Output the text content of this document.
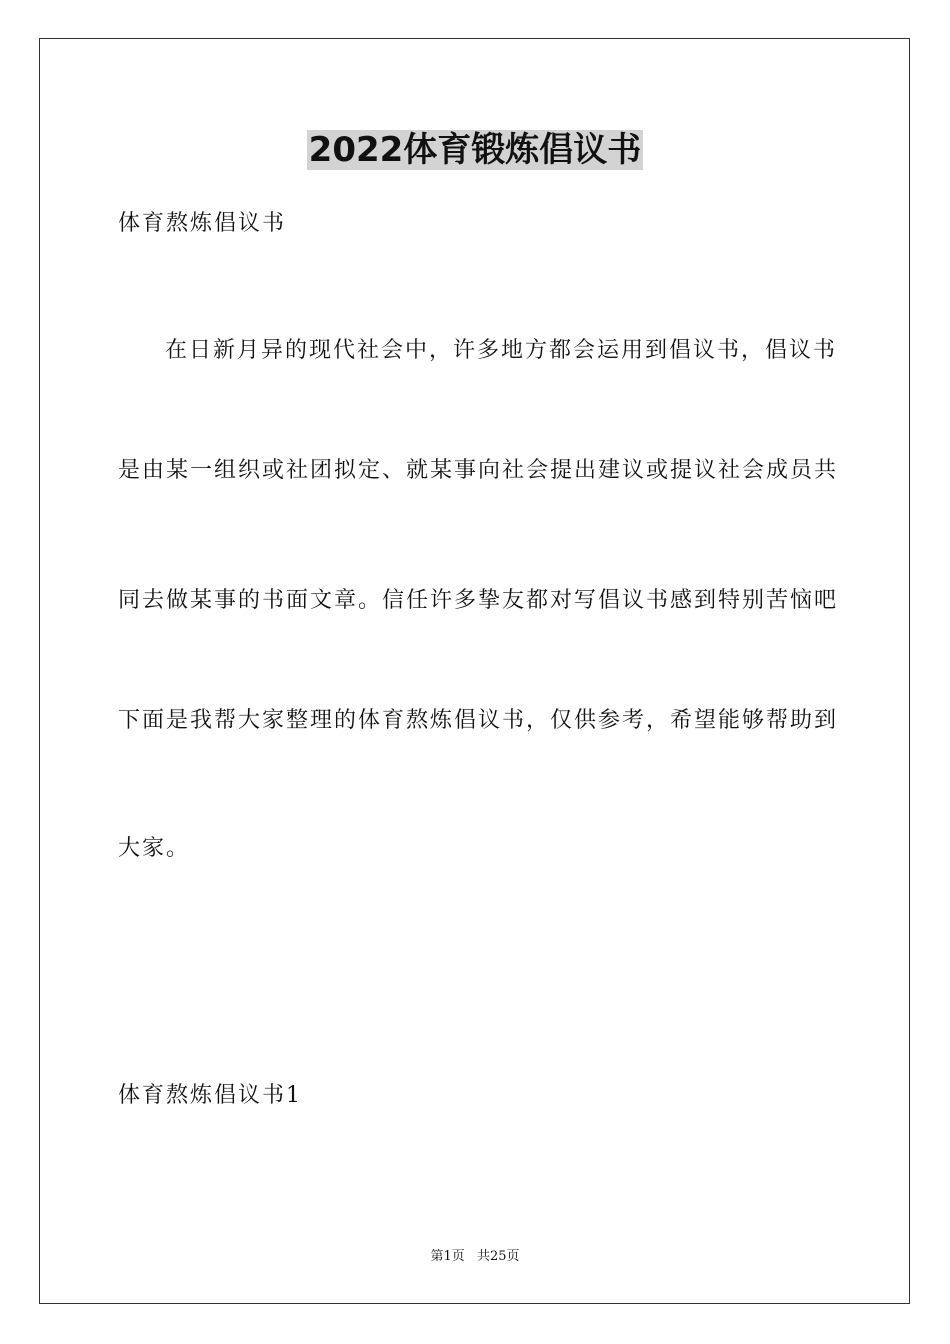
2022体育锻炼倡议书
体育熬炼倡议书
在日新月异的现代社会中，许多地方都会运用到倡议书，倡议书
是由某一组织或社团拟定、就某事向社会提出建议或提议社会成员共
同去做某事的书面文章。信任许多挚友都对写倡议书感到特别苦恼吧
下面是我帮大家整理的体育熬炼倡议书，仅供参考，希望能够帮助到
大家。
体育熬炼倡议书1
第1页 共25页
